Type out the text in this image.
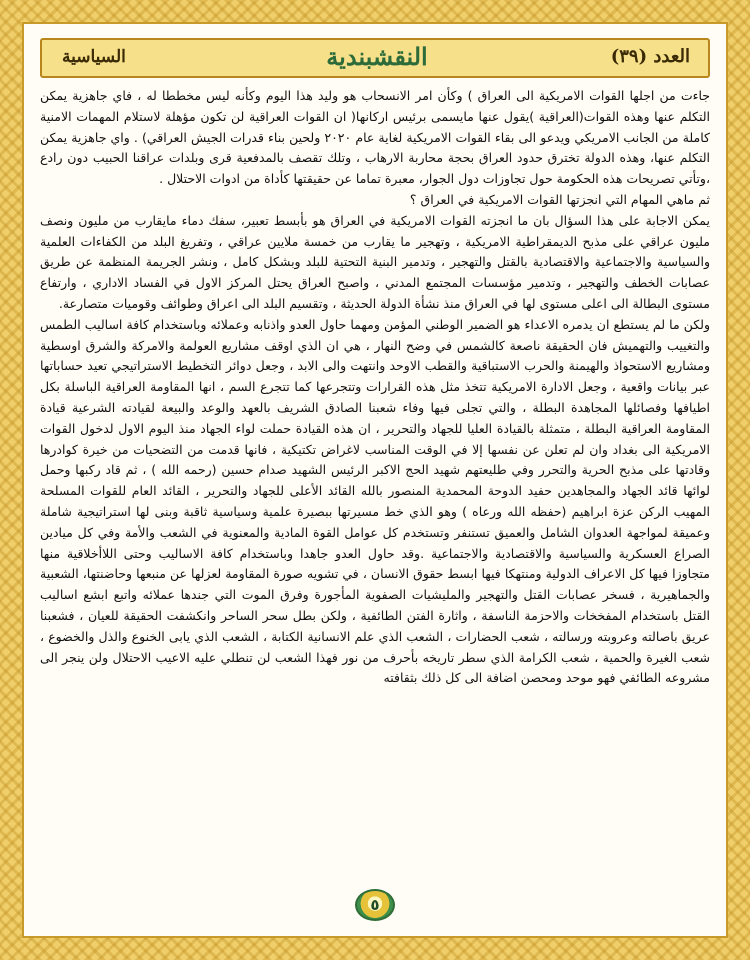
العدد (٣٩)
النقشبندية
السياسية

جاءت من اجلها القوات الامريكية الى العراق ) وكأن امر الانسحاب هو وليد هذا اليوم وكأنه ليس مخططا له ، فاي جاهزية يمكن التكلم عنها وهذه القوات(العراقية )يقول عنها مايسمى برئيس اركانها( ان القوات العراقية لن تكون مؤهلة لاستلام المهمات الامنية كاملة من الجانب الامريكي ويدعو الى بقاء القوات الامريكية لغاية عام ٢٠٢٠ ولحين بناء قدرات الجيش العراقي) . واي جاهزية يمكن التكلم عنها، وهذه الدولة تخترق حدود العراق بحجة محاربة الارهاب ، وتلك تقصف بالمدفعية قرى وبلدات عراقنا الحبيب دون رادع ،وتأتي تصريحات هذه الحكومة حول تجاوزات دول الجوار، معبرة تماما عن حقيقتها كأداة من ادوات الاحتلال .

ثم ماهي المهام التي انجزتها القوات الامريكية في العراق ؟

يمكن الاجابة على هذا السؤال بان ما انجزته القوات الامريكية في العراق هو بأبسط تعبير، سفك دماء مايقارب من مليون ونصف مليون عراقي على مذبح الديمقراطية الامريكية ، وتهجير ما يقارب من خمسة ملايين عراقي ، وتفريغ البلد من الكفاءات العلمية والسياسية والاجتماعية والاقتصادية بالقتل والتهجير ، وتدمير البنية التحتية للبلد وبشكل كامل ، ونشر الجريمة المنظمة عن طريق عصابات الخطف والتهجير ، وتدمير مؤسسات المجتمع المدني ، واصبح العراق يحتل المركز الاول في الفساد الاداري ، وارتفاع مستوى البطالة الى اعلى مستوى لها في العراق منذ نشأة الدولة الحديثة ، وتقسيم البلد الى اعراق وطوائف وقوميات متصارعة.

ولكن ما لم يستطع ان يدمره الاعداء هو الضمير الوطني المؤمن ومهما حاول العدو واذنابه وعملائه وباستخدام كافة اساليب الطمس والتغييب والتهميش فان الحقيقة ناصعة كالشمس في وضح النهار ، هي ان الذي اوقف مشاريع العولمة والامركة والشرق اوسطية ومشاريع الاستحواذ والهيمنة والحرب الاستباقية والقطب الاوحد وانتهت والى الابد ، وجعل دوائر التخطيط الاستراتيجي تعيد حساباتها عبر بيانات واقعية ، وجعل الادارة الامريكية تتخذ مثل هذه القرارات وتتجرعها كما تتجرع السم ، انها المقاومة العراقية الباسلة بكل اطيافها وفصائلها المجاهدة البطلة ، والتي تجلى فيها وفاء شعبنا الصادق الشريف بالعهد والوعد والبيعة لقيادته الشرعية قيادة المقاومة العراقية البطلة ، متمثلة بالقيادة العليا للجهاد والتحرير ، ان هذه القيادة حملت لواء الجهاد منذ اليوم الاول لدخول القوات الامريكية الى بغداد وان لم تعلن عن نفسها إلا في الوقت المناسب لاغراض تكتيكية ، فانها قدمت من التضحيات من خيرة كوادرها وقادتها على مذبح الحرية والتحرر وفي طليعتهم شهيد الحج الاكبر الرئيس الشهيد صدام حسين (رحمه الله ) ، ثم قاد ركبها وحمل لوائها قائد الجهاد والمجاهدين حفيد الدوحة المحمدية المنصور بالله القائد الأعلى للجهاد والتحرير ، القائد العام للقوات المسلحة المهيب الركن عزة ابراهيم (حفظه الله ورعاه ) وهو الذي خط مسيرتها ببصيرة علمية وسياسية ثاقبة وبنى لها استراتيجية شاملة وعميقة لمواجهة العدوان الشامل والعميق تستنفر وتستخدم كل عوامل القوة المادية والمعنوية في الشعب والأمة وفي كل ميادين الصراع العسكرية والسياسية والاقتصادية والاجتماعية .وقد حاول العدو جاهدا وباستخدام كافة الاساليب وحتى اللاأخلاقية منها متجاوزا فيها كل الاعراف الدولية ومنتهكا فيها ابسط حقوق الانسان ، في تشويه صورة المقاومة لعزلها عن منبعها وحاضنتها، الشعبية والجماهيرية ، فسخر عصابات القتل والتهجير والمليشيات الصفوية المأجورة وفرق الموت التي جندها عملائه واتبع ابشع اساليب القتل باستخدام المفخخات والاحزمة الناسفة ، واثارة الفتن الطائفية ، ولكن بطل سحر الساحر وانكشفت الحقيقة للعيان ، فشعبنا عريق باصالته وعروبته ورسالته ، شعب الحضارات ، الشعب الذي علم الانسانية الكتابة ، الشعب الذي يابى الخنوع والذل والخضوع ، شعب الغيرة والحمية ، شعب الكرامة الذي سطر تاريخه بأحرف من نور فهذا الشعب لن تنطلي عليه الاعيب الاحتلال ولن ينجر الى مشروعه الطائفي فهو موحد ومحصن اضافة الى كل ذلك بثقافته

٥
